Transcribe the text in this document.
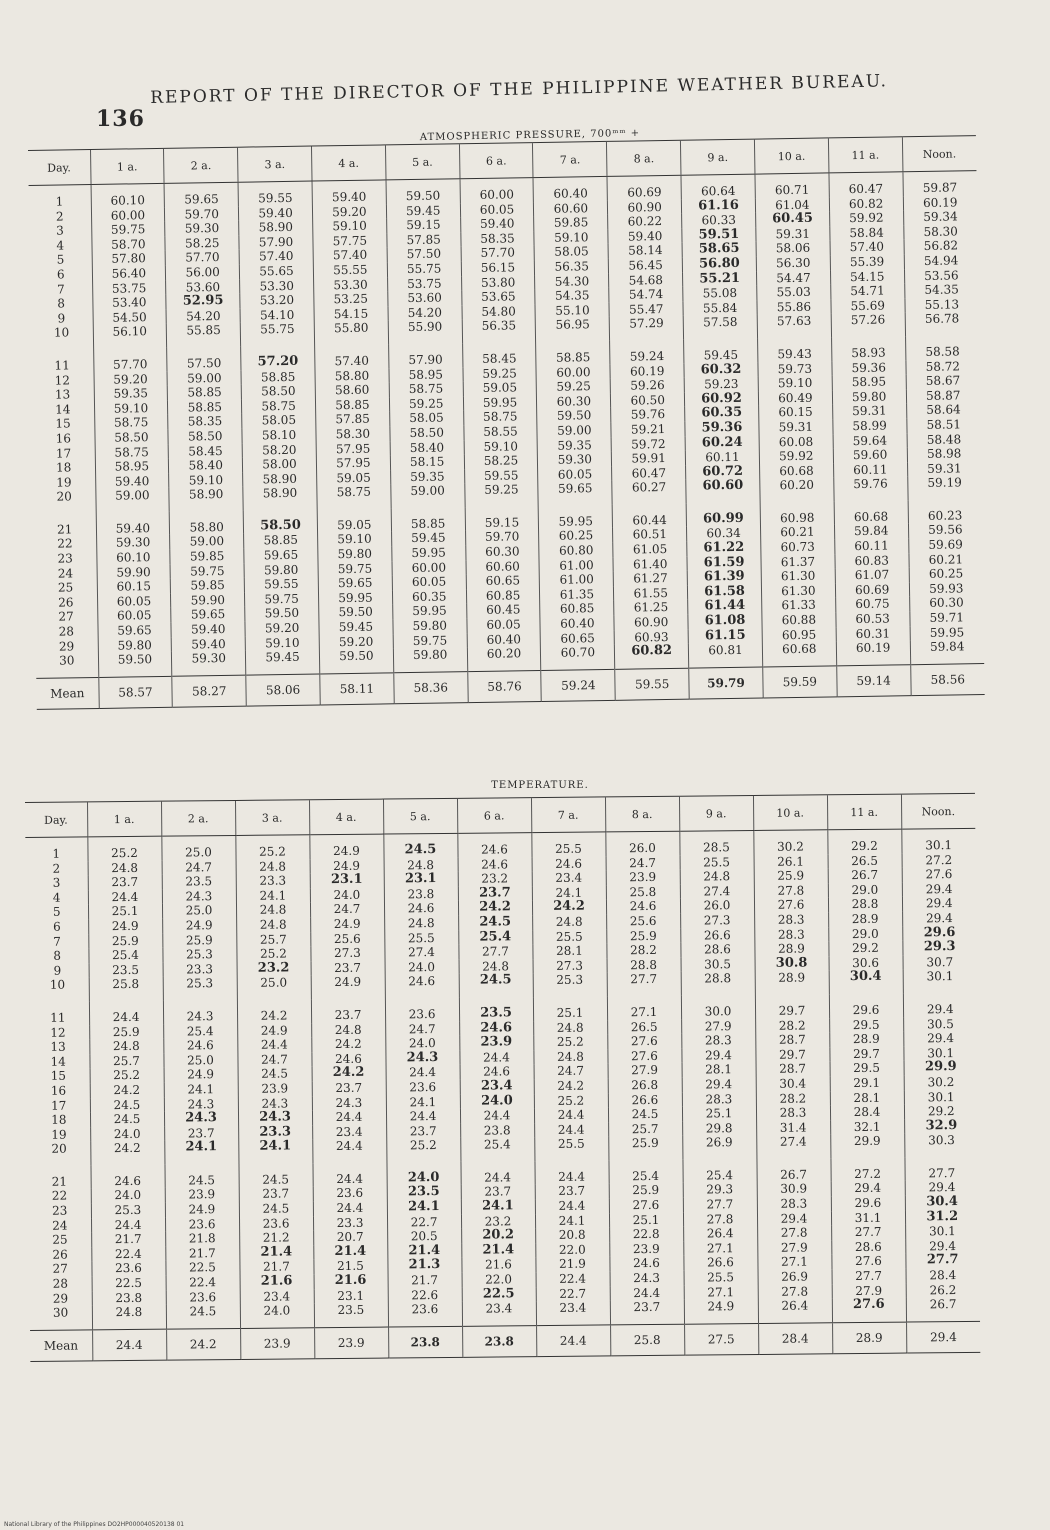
136
REPORT OF THE DIRECTOR OF THE PHILIPPINE WEATHER BUREAU.
ATMOSPHERIC PRESSURE, 700ᵐᵐ +
Day.	1 a.	2 a.	3 a.	4 a.	5 a.	6 a.	7 a.	8 a.	9 a.	10 a.	11 a.	Noon.
1	60.10	59.65	59.55	59.40	59.50	60.00	60.40	60.69	60.64	60.71	60.47	59.87
2	60.00	59.70	59.40	59.20	59.45	60.05	60.60	60.90	61.16	61.04	60.82	60.19
3	59.75	59.30	58.90	59.10	59.15	59.40	59.85	60.22	60.33	60.45	59.92	59.34
4	58.70	58.25	57.90	57.75	57.85	58.35	59.10	59.40	59.51	59.31	58.84	58.30
5	57.80	57.70	57.40	57.40	57.50	57.70	58.05	58.14	58.65	58.06	57.40	56.82
6	56.40	56.00	55.65	55.55	55.75	56.15	56.35	56.45	56.80	56.30	55.39	54.94
7	53.75	53.60	53.30	53.30	53.75	53.80	54.30	54.68	55.21	54.47	54.15	53.56
8	53.40	52.95	53.20	53.25	53.60	53.65	54.35	54.74	55.08	55.03	54.71	54.35
9	54.50	54.20	54.10	54.15	54.20	54.80	55.10	55.47	55.84	55.86	55.69	55.13
10	56.10	55.85	55.75	55.80	55.90	56.35	56.95	57.29	57.58	57.63	57.26	56.78
11	57.70	57.50	57.20	57.40	57.90	58.45	58.85	59.24	59.45	59.43	58.93	58.58
12	59.20	59.00	58.85	58.80	58.95	59.25	60.00	60.19	60.32	59.73	59.36	58.72
13	59.35	58.85	58.50	58.60	58.75	59.05	59.25	59.26	59.23	59.10	58.95	58.67
14	59.10	58.85	58.75	58.85	59.25	59.95	60.30	60.50	60.92	60.49	59.80	58.87
15	58.75	58.35	58.05	57.85	58.05	58.75	59.50	59.76	60.35	60.15	59.31	58.64
16	58.50	58.50	58.10	58.30	58.50	58.55	59.00	59.21	59.36	59.31	58.99	58.51
17	58.75	58.45	58.20	57.95	58.40	59.10	59.35	59.72	60.24	60.08	59.64	58.48
18	58.95	58.40	58.00	57.95	58.15	58.25	59.30	59.91	60.11	59.92	59.60	58.98
19	59.40	59.10	58.90	59.05	59.35	59.55	60.05	60.47	60.72	60.68	60.11	59.31
20	59.00	58.90	58.90	58.75	59.00	59.25	59.65	60.27	60.60	60.20	59.76	59.19
21	59.40	58.80	58.50	59.05	58.85	59.15	59.95	60.44	60.99	60.98	60.68	60.23
22	59.30	59.00	58.85	59.10	59.45	59.70	60.25	60.51	60.34	60.21	59.84	59.56
23	60.10	59.85	59.65	59.80	59.95	60.30	60.80	61.05	61.22	60.73	60.11	59.69
24	59.90	59.75	59.80	59.75	60.00	60.60	61.00	61.40	61.59	61.37	60.83	60.21
25	60.15	59.85	59.55	59.65	60.05	60.65	61.00	61.27	61.39	61.30	61.07	60.25
26	60.05	59.90	59.75	59.95	60.35	60.85	61.35	61.55	61.58	61.30	60.69	59.93
27	60.05	59.65	59.50	59.50	59.95	60.45	60.85	61.25	61.44	61.33	60.75	60.30
28	59.65	59.40	59.20	59.45	59.80	60.05	60.40	60.90	61.08	60.88	60.53	59.71
29	59.80	59.40	59.10	59.20	59.75	60.40	60.65	60.93	61.15	60.95	60.31	59.95
30	59.50	59.30	59.45	59.50	59.80	60.20	60.70	60.82	60.81	60.68	60.19	59.84
Mean	58.57	58.27	58.06	58.11	58.36	58.76	59.24	59.55	59.79	59.59	59.14	58.56
TEMPERATURE.
Day.	1 a.	2 a.	3 a.	4 a.	5 a.	6 a.	7 a.	8 a.	9 a.	10 a.	11 a.	Noon.
1	25.2	25.0	25.2	24.9	24.5	24.6	25.5	26.0	28.5	30.2	29.2	30.1
2	24.8	24.7	24.8	24.9	24.8	24.6	24.6	24.7	25.5	26.1	26.5	27.2
3	23.7	23.5	23.3	23.1	23.1	23.2	23.4	23.9	24.8	25.9	26.7	27.6
4	24.4	24.3	24.1	24.0	23.8	23.7	24.1	25.8	27.4	27.8	29.0	29.4
5	25.1	25.0	24.8	24.7	24.6	24.2	24.2	24.6	26.0	27.6	28.8	29.4
6	24.9	24.9	24.8	24.9	24.8	24.5	24.8	25.6	27.3	28.3	28.9	29.4
7	25.9	25.9	25.7	25.6	25.5	25.4	25.5	25.9	26.6	28.3	29.0	29.6
8	25.4	25.3	25.2	27.3	27.4	27.7	28.1	28.2	28.6	28.9	29.2	29.3
9	23.5	23.3	23.2	23.7	24.0	24.8	27.3	28.8	30.5	30.8	30.6	30.7
10	25.8	25.3	25.0	24.9	24.6	24.5	25.3	27.7	28.8	28.9	30.4	30.1
11	24.4	24.3	24.2	23.7	23.6	23.5	25.1	27.1	30.0	29.7	29.6	29.4
12	25.9	25.4	24.9	24.8	24.7	24.6	24.8	26.5	27.9	28.2	29.5	30.5
13	24.8	24.6	24.4	24.2	24.0	23.9	25.2	27.6	28.3	28.7	28.9	29.4
14	25.7	25.0	24.7	24.6	24.3	24.4	24.8	27.6	29.4	29.7	29.7	30.1
15	25.2	24.9	24.5	24.2	24.4	24.6	24.7	27.9	28.1	28.7	29.5	29.9
16	24.2	24.1	23.9	23.7	23.6	23.4	24.2	26.8	29.4	30.4	29.1	30.2
17	24.5	24.3	24.3	24.3	24.1	24.0	25.2	26.6	28.3	28.2	28.1	30.1
18	24.5	24.3	24.3	24.4	24.4	24.4	24.4	24.5	25.1	28.3	28.4	29.2
19	24.0	23.7	23.3	23.4	23.7	23.8	24.4	25.7	29.8	31.4	32.1	32.9
20	24.2	24.1	24.1	24.4	25.2	25.4	25.5	25.9	26.9	27.4	29.9	30.3
21	24.6	24.5	24.5	24.4	24.0	24.4	24.4	25.4	25.4	26.7	27.2	27.7
22	24.0	23.9	23.7	23.6	23.5	23.7	23.7	25.9	29.3	30.9	29.4	29.4
23	25.3	24.9	24.5	24.4	24.1	24.1	24.4	27.6	27.7	28.3	29.6	30.4
24	24.4	23.6	23.6	23.3	22.7	23.2	24.1	25.1	27.8	29.4	31.1	31.2
25	21.7	21.8	21.2	20.7	20.5	20.2	20.8	22.8	26.4	27.8	27.7	30.1
26	22.4	21.7	21.4	21.4	21.4	21.4	22.0	23.9	27.1	27.9	28.6	29.4
27	23.6	22.5	21.7	21.5	21.3	21.6	21.9	24.6	26.6	27.1	27.6	27.7
28	22.5	22.4	21.6	21.6	21.7	22.0	22.4	24.3	25.5	26.9	27.7	28.4
29	23.8	23.6	23.4	23.1	22.6	22.5	22.7	24.4	27.1	27.8	27.9	26.2
30	24.8	24.5	24.0	23.5	23.6	23.4	23.4	23.7	24.9	26.4	27.6	26.7
Mean	24.4	24.2	23.9	23.9	23.8	23.8	24.4	25.8	27.5	28.4	28.9	29.4
National Library of the Philippines DO2HP000040520138 01
